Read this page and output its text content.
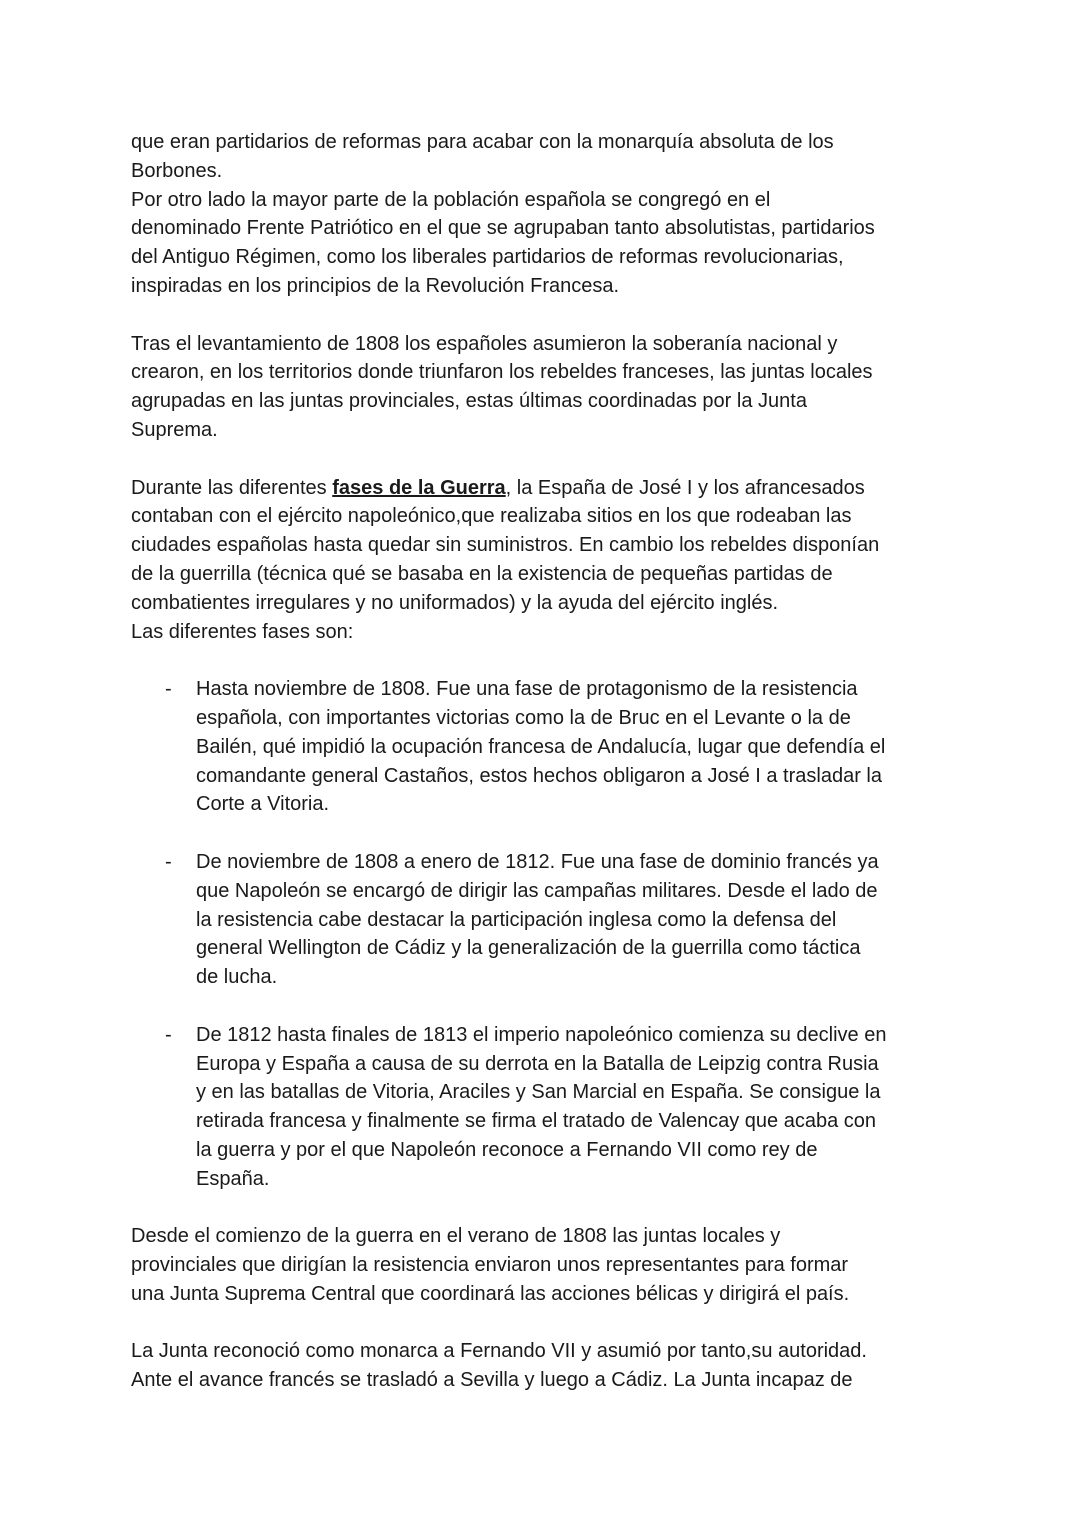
que eran partidarios de reformas para acabar con la monarquía absoluta de los
Borbones.

Por otro lado la mayor parte de la población española se congregó en el
denominado Frente Patriótico en el que se agrupaban tanto absolutistas, partidarios
del Antiguo Régimen, como los liberales partidarios de reformas revolucionarias,
inspiradas en los principios de la Revolución Francesa.

Tras el levantamiento de 1808 los españoles asumieron la soberanía nacional y
crearon, en los territorios donde triunfaron los rebeldes franceses, las juntas locales
agrupadas en las juntas provinciales, estas últimas coordinadas por la Junta
Suprema.

Durante las diferentes fases de la Guerra, la España de José I y los afrancesados
contaban con el ejército napoleónico,que realizaba sitios en los que rodeaban las
ciudades españolas hasta quedar sin suministros. En cambio los rebeldes disponían
de la guerrilla (técnica qué se basaba en la existencia de pequeñas partidas de
combatientes irregulares y no uniformados) y la ayuda del ejército inglés.

Las diferentes fases son:

- Hasta noviembre de 1808. Fue una fase de protagonismo de la resistencia
española, con importantes victorias como la de Bruc en el Levante o la de
Bailén, qué impidió la ocupación francesa de Andalucía, lugar que defendía el
comandante general Castaños, estos hechos obligaron a José I a trasladar la
Corte a Vitoria.

- De noviembre de 1808 a enero de 1812. Fue una fase de dominio francés ya
que Napoleón se encargó de dirigir las campañas militares. Desde el lado de
la resistencia cabe destacar la participación inglesa como la defensa del
general Wellington de Cádiz y la generalización de la guerrilla como táctica
de lucha.

- De 1812 hasta finales de 1813 el imperio napoleónico comienza su declive en
Europa y España a causa de su derrota en la Batalla de Leipzig contra Rusia
y en las batallas de Vitoria, Araciles y San Marcial en España. Se consigue la
retirada francesa y finalmente se firma el tratado de Valencay que acaba con
la guerra y por el que Napoleón reconoce a Fernando VII como rey de
España.

Desde el comienzo de la guerra en el verano de 1808 las juntas locales y
provinciales que dirigían la resistencia enviaron unos representantes para formar
una Junta Suprema Central que coordinará las acciones bélicas y dirigirá el país.

La Junta reconoció como monarca a Fernando VII y asumió por tanto,su autoridad.
Ante el avance francés se trasladó a Sevilla y luego a Cádiz. La Junta incapaz de
